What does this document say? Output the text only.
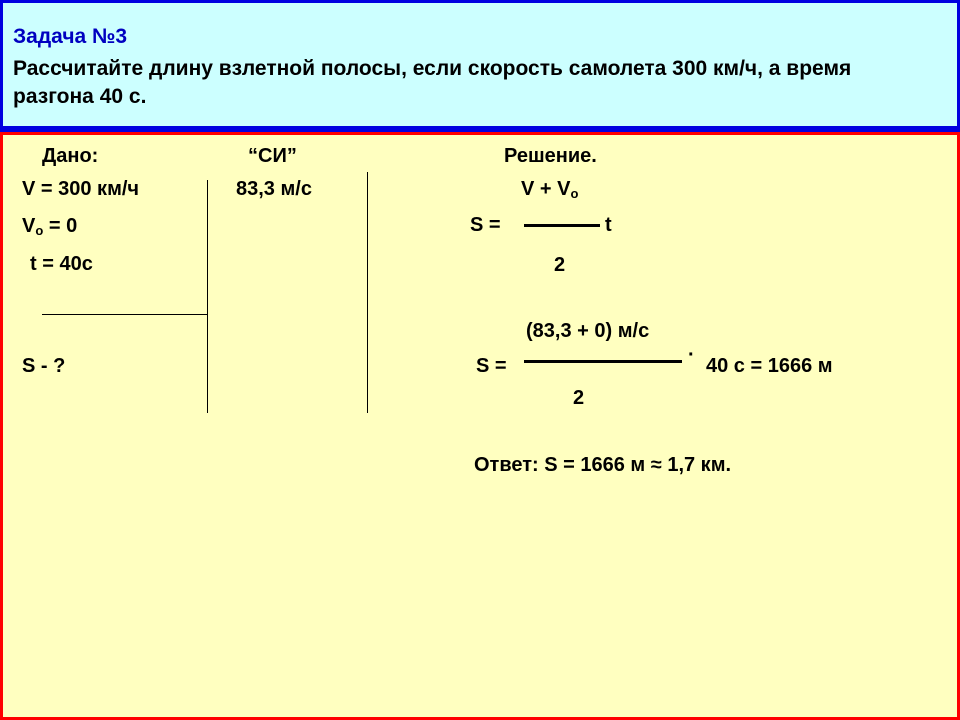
Задача №3
Рассчитайте длину взлетной полосы, если скорость самолета 300 км/ч, а время разгона 40 с.
Дано:
V = 300 км/ч
$V_o = 0$
t = 40с
S - ?
“СИ”
83,3 м/с
Решение.
$V + V_o$
S =	t
2
(83,3 + 0) м/с
S =	· 40 с = 1666 м
2
Ответ: S = 1666 м ≈ 1,7 км.
